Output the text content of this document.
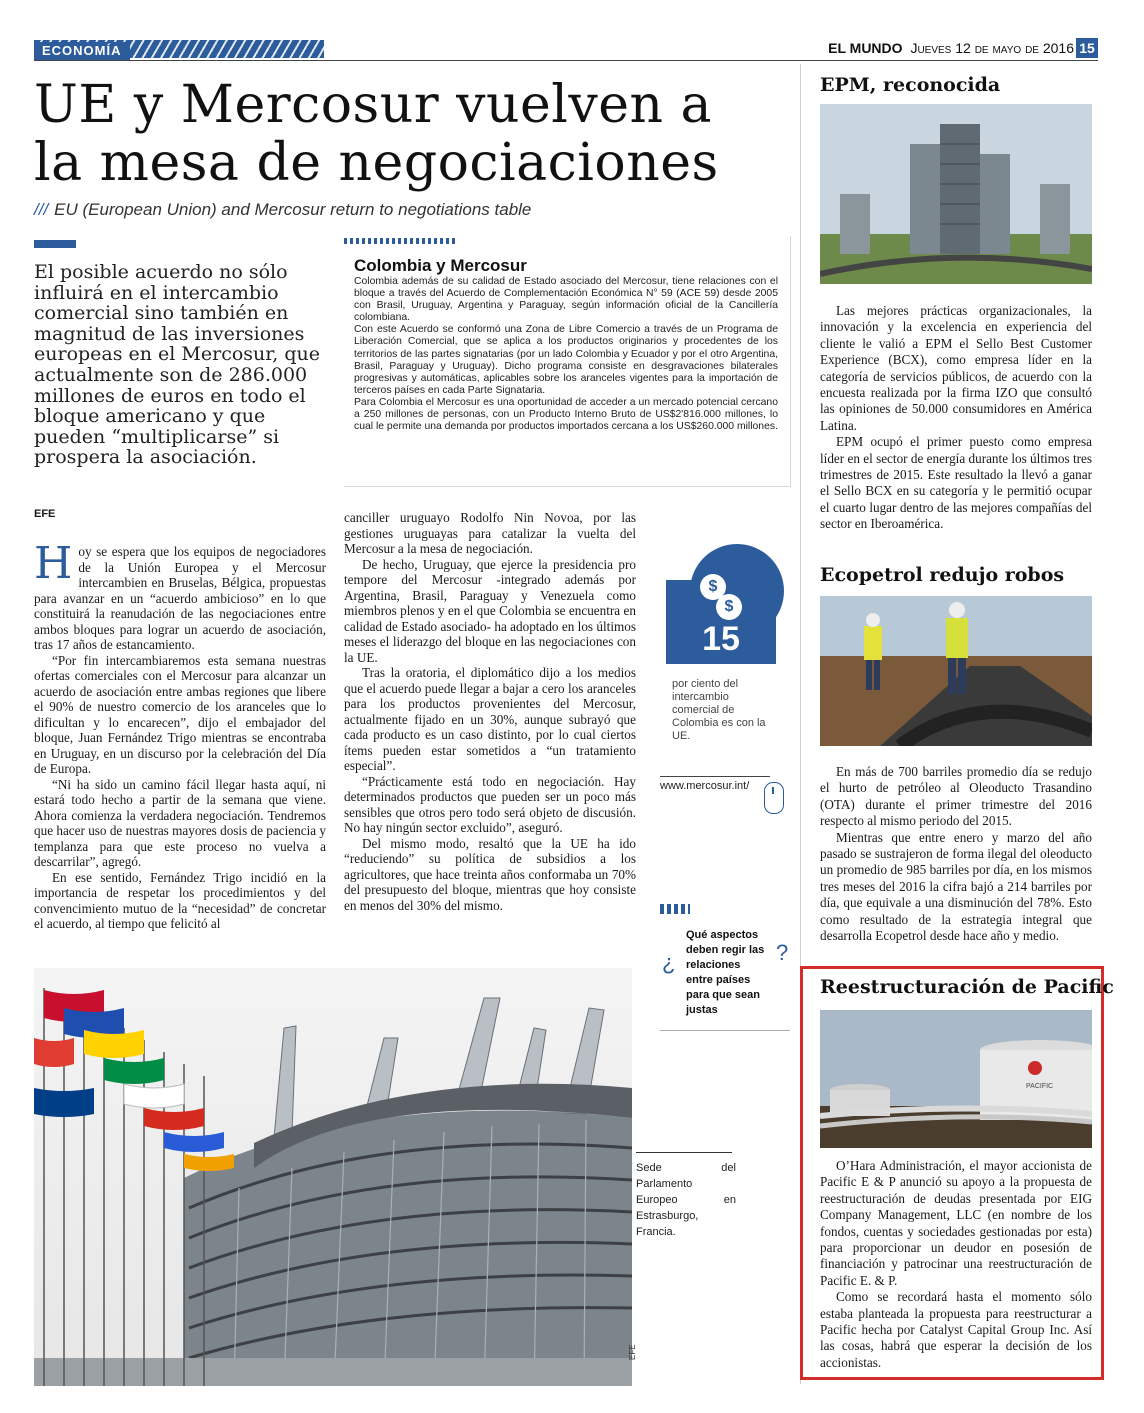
ECONOMÍA	EL MUNDO Jueves 12 de mayo de 2016 15
UE y Mercosur vuelven a
la mesa de negociaciones
/// EU (European Union) and Mercosur return to negotiations table
El posible acuerdo no sólo influirá en el intercambio comercial sino también en magnitud de las inversiones europeas en el Mercosur, que actualmente son de 286.000 millones de euros en todo el bloque americano y que pueden “multiplicarse” si prospera la asociación.
Colombia y Mercosur

Colombia además de su calidad de Estado asociado del Mercosur, tiene relaciones con el bloque a través del Acuerdo de Complementación Económica N° 59 (ACE 59) desde 2005 con Brasil, Uruguay, Argentina y Paraguay, según información oficial de la Cancillería colombiana.

Con este Acuerdo se conformó una Zona de Libre Comercio a través de un Programa de Liberación Comercial, que se aplica a los productos originarios y procedentes de los territorios de las partes signatarias (por un lado Colombia y Ecuador y por el otro Argentina, Brasil, Paraguay y Uruguay). Dicho programa consiste en desgravaciones bilaterales progresivas y automáticas, aplicables sobre los aranceles vigentes para la importación de terceros países en cada Parte Signataria.

Para Colombia el Mercosur es una oportunidad de acceder a un mercado potencial cercano a 250 millones de personas, con un Producto Interno Bruto de US$2'816.000 millones, lo cual le permite una demanda por productos importados cercana a los US$260.000 millones.

EFE

Hoy se espera que los equipos de negociadores de la Unión Europea y el Mercosur intercambien en Bruselas, Bélgica, propuestas para avanzar en un “acuerdo ambicioso” en lo que constituirá la reanudación de las negociaciones entre ambos bloques para lograr un acuerdo de asociación, tras 17 años de estancamiento.

“Por fin intercambiaremos esta semana nuestras ofertas comerciales con el Mercosur para alcanzar un acuerdo de asociación entre ambas regiones que libere el 90% de nuestro comercio de los aranceles que lo dificultan y lo encarecen”, dijo el embajador del bloque, Juan Fernández Trigo mientras se encontraba en Uruguay, en un discurso por la celebración del Día de Europa.

“Ni ha sido un camino fácil llegar hasta aquí, ni estará todo hecho a partir de la semana que viene. Ahora comienza la verdadera negociación. Tendremos que hacer uso de nuestras mayores dosis de paciencia y templanza para que este proceso no vuelva a descarrilar”, agregó.

En ese sentido, Fernández Trigo incidió en la importancia de respetar los procedimientos y del convencimiento mutuo de la “necesidad” de concretar el acuerdo, al tiempo que felicitó al

canciller uruguayo Rodolfo Nin Novoa, por las gestiones uruguayas para catalizar la vuelta del Mercosur a la mesa de negociación.

De hecho, Uruguay, que ejerce la presidencia pro tempore del Mercosur -integrado además por Argentina, Brasil, Paraguay y Venezuela como miembros plenos y en el que Colombia se encuentra en calidad de Estado asociado- ha adoptado en los últimos meses el liderazgo del bloque en las negociaciones con la UE.

Tras la oratoria, el diplomático dijo a los medios que el acuerdo puede llegar a bajar a cero los aranceles para los productos provenientes del Mercosur, actualmente fijado en un 30%, aunque subrayó que cada producto es un caso distinto, por lo cual ciertos ítems pueden estar sometidos a “un tratamiento especial”.

“Prácticamente está todo en negociación. Hay determinados productos que pueden ser un poco más sensibles que otros pero todo será objeto de discusión. No hay ningún sector excluido”, aseguró.

Del mismo modo, resaltó que la UE ha ido “reduciendo” su política de subsidios a los agricultores, que hace treinta años conformaba un 70% del presupuesto del bloque, mientras que hoy consiste en menos del 30% del mismo.

$
$
15
por ciento del intercambio comercial de Colombia es con la UE.
www.mercosur.int/
¿
Qué aspectos deben regir las relaciones entre países para que sean justas
?
EFE
Sede del Parlamento Europeo en Estrasburgo, Francia.
EPM, reconocida

Las mejores prácticas organizacionales, la innovación y la excelencia en experiencia del cliente le valió a EPM el Sello Best Customer Experience (BCX), como empresa líder en la categoría de servicios públicos, de acuerdo con la encuesta realizada por la firma IZO que consultó las opiniones de 50.000 consumidores en América Latina.

EPM ocupó el primer puesto como empresa líder en el sector de energía durante los últimos tres trimestres de 2015. Este resultado la llevó a ganar el Sello BCX en su categoría y le permitió ocupar el cuarto lugar dentro de las mejores compañías del sector en Iberoamérica.

Ecopetrol redujo robos

En más de 700 barriles promedio día se redujo el hurto de petróleo al Oleoducto Trasandino (OTA) durante el primer trimestre del 2016 respecto al mismo periodo del 2015.

Mientras que entre enero y marzo del año pasado se sustrajeron de forma ilegal del oleoducto un promedio de 985 barriles por día, en los mismos tres meses del 2016 la cifra bajó a 214 barriles por día, que equivale a una disminución del 78%. Esto como resultado de la estrategia integral que desarrolla Ecopetrol desde hace año y medio.

Reestructuración de Pacific
PACIFIC

O’Hara Administración, el mayor accionista de Pacific E & P anunció su apoyo a la propuesta de reestructuración de deudas presentada por EIG Company Management, LLC (en nombre de los fondos, cuentas y sociedades gestionadas por esta) para proporcionar un deudor en posesión de financiación y patrocinar una reestructuración de Pacific E. & P.

Como se recordará hasta el momento sólo estaba planteada la propuesta para reestructurar a Pacific hecha por Catalyst Capital Group Inc. Así las cosas, habrá que esperar la decisión de los accionistas.
